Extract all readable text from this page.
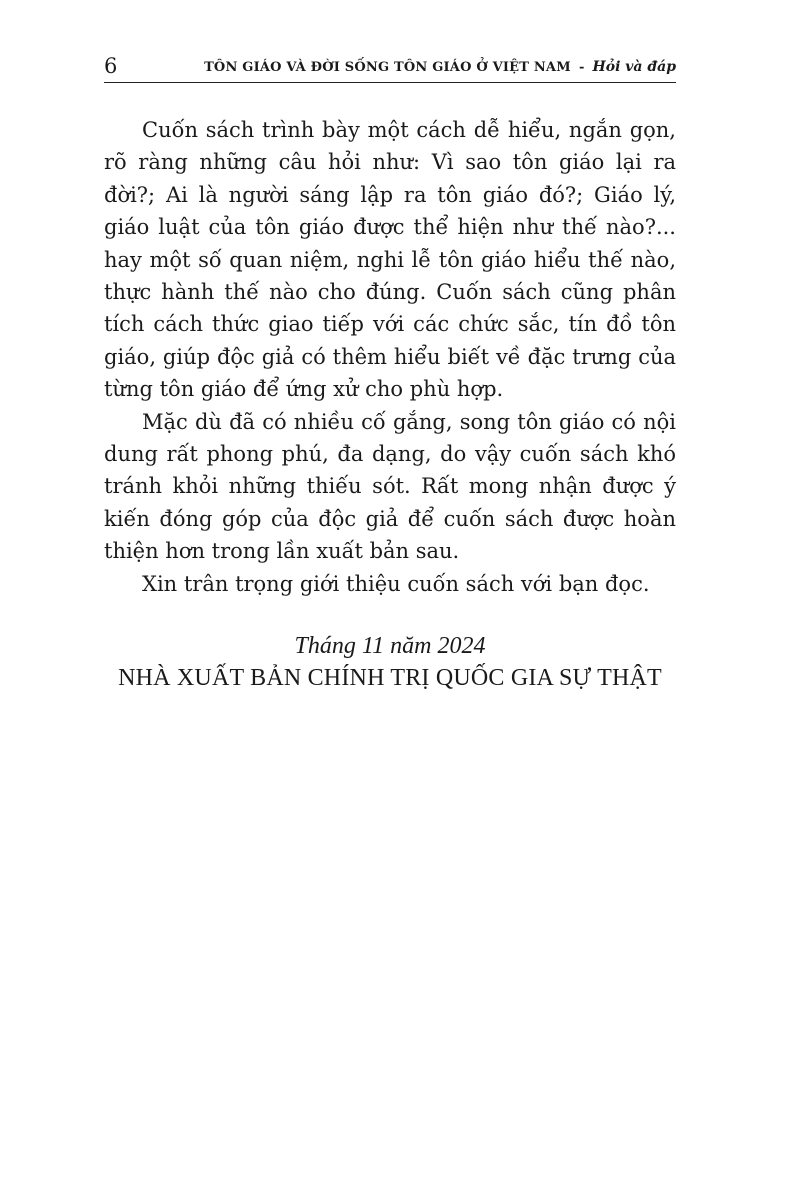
6	TÔN GIÁO VÀ ĐỜI SỐNG TÔN GIÁO Ở VIỆT NAM - Hỏi và đáp

Cuốn sách trình bày một cách dễ hiểu, ngắn gọn, rõ ràng những câu hỏi như: Vì sao tôn giáo lại ra đời?; Ai là người sáng lập ra tôn giáo đó?; Giáo lý, giáo luật của tôn giáo được thể hiện như thế nào?... hay một số quan niệm, nghi lễ tôn giáo hiểu thế nào, thực hành thế nào cho đúng. Cuốn sách cũng phân tích cách thức giao tiếp với các chức sắc, tín đồ tôn giáo, giúp độc giả có thêm hiểu biết về đặc trưng của từng tôn giáo để ứng xử cho phù hợp.

Mặc dù đã có nhiều cố gắng, song tôn giáo có nội dung rất phong phú, đa dạng, do vậy cuốn sách khó tránh khỏi những thiếu sót. Rất mong nhận được ý kiến đóng góp của độc giả để cuốn sách được hoàn thiện hơn trong lần xuất bản sau.

Xin trân trọng giới thiệu cuốn sách với bạn đọc.

Tháng 11 năm 2024
NHÀ XUẤT BẢN CHÍNH TRỊ QUỐC GIA SỰ THẬT
